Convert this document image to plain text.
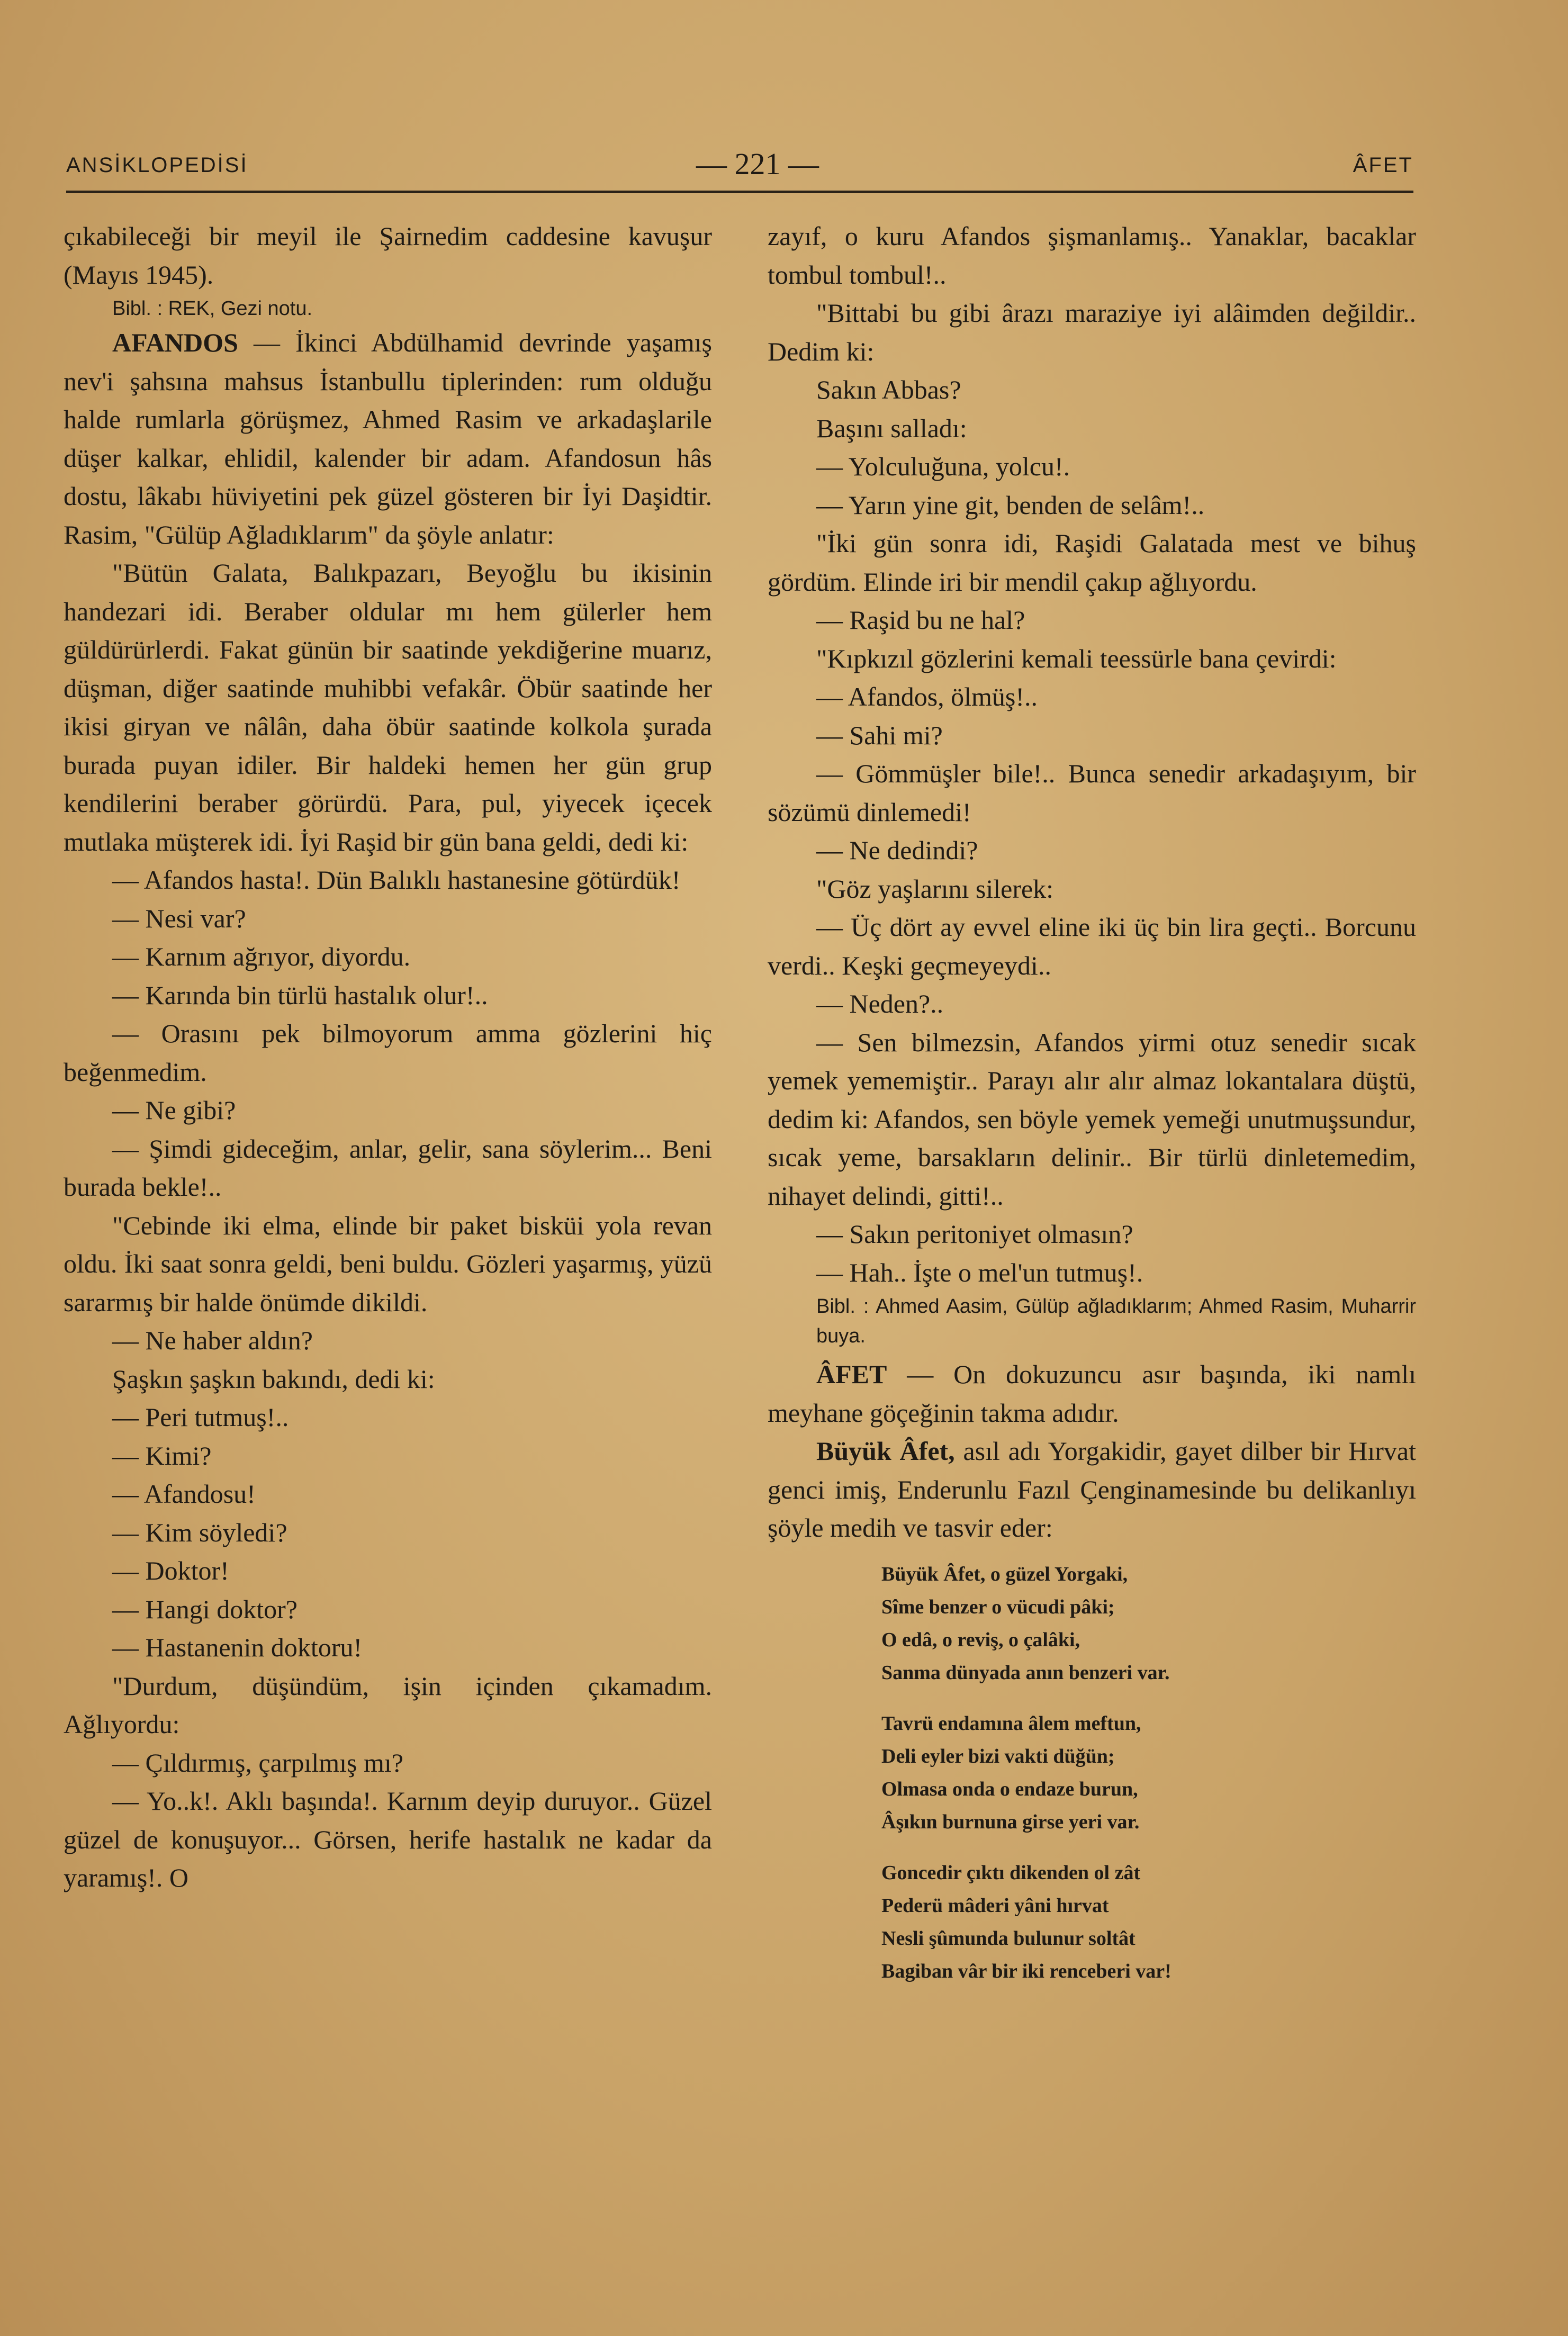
ANSİKLOPEDİSİ	— 221 —	ÂFET

çıkabileceği bir meyil ile Şairnedim caddesine kavuşur (Mayıs 1945).

Bibl. : REK, Gezi notu.

AFANDOS — İkinci Abdülhamid devrinde yaşamış nev'i şahsına mahsus İstanbullu tiplerinden: rum olduğu halde rumlarla görüşmez, Ahmed Rasim ve arkadaşlarile düşer kalkar, ehlidil, kalender bir adam. Afandosun hâs dostu, lâkabı hüviyetini pek güzel gösteren bir İyi Daşidtir. Rasim, "Gülüp Ağladıklarım" da şöyle anlatır:

"Bütün Galata, Balıkpazarı, Beyoğlu bu ikisinin handezari idi. Beraber oldular mı hem gülerler hem güldürürlerdi. Fakat günün bir saatinde yekdiğerine muarız, düşman, diğer saatinde muhibbi vefakâr. Öbür saatinde her ikisi giryan ve nâlân, daha öbür saatinde kolkola şurada burada puyan idiler. Bir haldeki hemen her gün grup kendilerini beraber görürdü. Para, pul, yiyecek içecek mutlaka müşterek idi. İyi Raşid bir gün bana geldi, dedi ki:

— Afandos hasta!. Dün Balıklı hastanesine götürdük!

— Nesi var?

— Karnım ağrıyor, diyordu.

— Karında bin türlü hastalık olur!..

— Orasını pek bilmoyorum amma gözlerini hiç beğenmedim.

— Ne gibi?

— Şimdi gideceğim, anlar, gelir, sana söylerim... Beni burada bekle!..

"Cebinde iki elma, elinde bir paket bisküi yola revan oldu. İki saat sonra geldi, beni buldu. Gözleri yaşarmış, yüzü sararmış bir halde önümde dikildi.

— Ne haber aldın?

Şaşkın şaşkın bakındı, dedi ki:

— Peri tutmuş!..

— Kimi?

— Afandosu!

— Kim söyledi?

— Doktor!

— Hangi doktor?

— Hastanenin doktoru!

"Durdum, düşündüm, işin içinden çıkamadım. Ağlıyordu:

— Çıldırmış, çarpılmış mı?

— Yo..k!. Aklı başında!. Karnım deyip duruyor.. Güzel güzel de konuşuyor... Görsen, herife hastalık ne kadar da yaramış!. O

zayıf, o kuru Afandos şişmanlamış.. Yanaklar, bacaklar tombul tombul!..

"Bittabi bu gibi ârazı maraziye iyi alâimden değildir.. Dedim ki:

Sakın Abbas?

Başını salladı:

— Yolculuğuna, yolcu!.

— Yarın yine git, benden de selâm!..

"İki gün sonra idi, Raşidi Galatada mest ve bihuş gördüm. Elinde iri bir mendil çakıp ağlıyordu.

— Raşid bu ne hal?

"Kıpkızıl gözlerini kemali teessürle bana çevirdi:

— Afandos, ölmüş!..

— Sahi mi?

— Gömmüşler bile!.. Bunca senedir arkadaşıyım, bir sözümü dinlemedi!

— Ne dedindi?

"Göz yaşlarını silerek:

— Üç dört ay evvel eline iki üç bin lira geçti.. Borcunu verdi.. Keşki geçmeyeydi..

— Neden?..

— Sen bilmezsin, Afandos yirmi otuz senedir sıcak yemek yememiştir.. Parayı alır alır almaz lokantalara düştü, dedim ki: Afandos, sen böyle yemek yemeği unutmuşsundur, sıcak yeme, barsakların delinir.. Bir türlü dinletemedim, nihayet delindi, gitti!..

— Sakın peritoniyet olmasın?

— Hah.. İşte o mel'un tutmuş!.

Bibl. : Ahmed Aasim, Gülüp ağladıklarım; Ahmed Rasim, Muharrir buya.

ÂFET — On dokuzuncu asır başında, iki namlı meyhane göçeğinin takma adıdır.

Büyük Âfet, asıl adı Yorgakidir, gayet dilber bir Hırvat genci imiş, Enderunlu Fazıl Çenginamesinde bu delikanlıyı şöyle medih ve tasvir eder:

Büyük Âfet, o güzel Yorgaki,
Sîme benzer o vücudi pâki;
O edâ, o reviş, o çalâki,
Sanma dünyada anın benzeri var.
Tavrü endamına âlem meftun,
Deli eyler bizi vakti düğün;
Olmasa onda o endaze burun,
Âşıkın burnuna girse yeri var.
Goncedir çıktı dikenden ol zât
Pederü mâderi yâni hırvat
Nesli şûmunda bulunur soltât
Bagiban vâr bir iki renceberi var!
